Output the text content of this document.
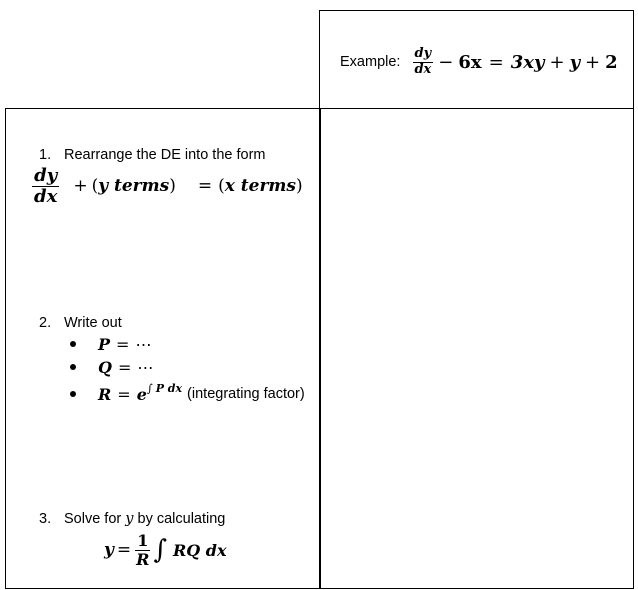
Example: $\frac{dy}{dx} - 6x = 3xy + y + 2$
1. Rearrange the DE into the form
$\frac{dy}{dx}$ + ( y terms ) = ( x terms )
2. Write out
P = ⋯
Q = ⋯
R = e ∫ P dx (integrating factor)
3. Solve for y by calculating
$y = \frac{1}{R}$ ∫ RQ dx
